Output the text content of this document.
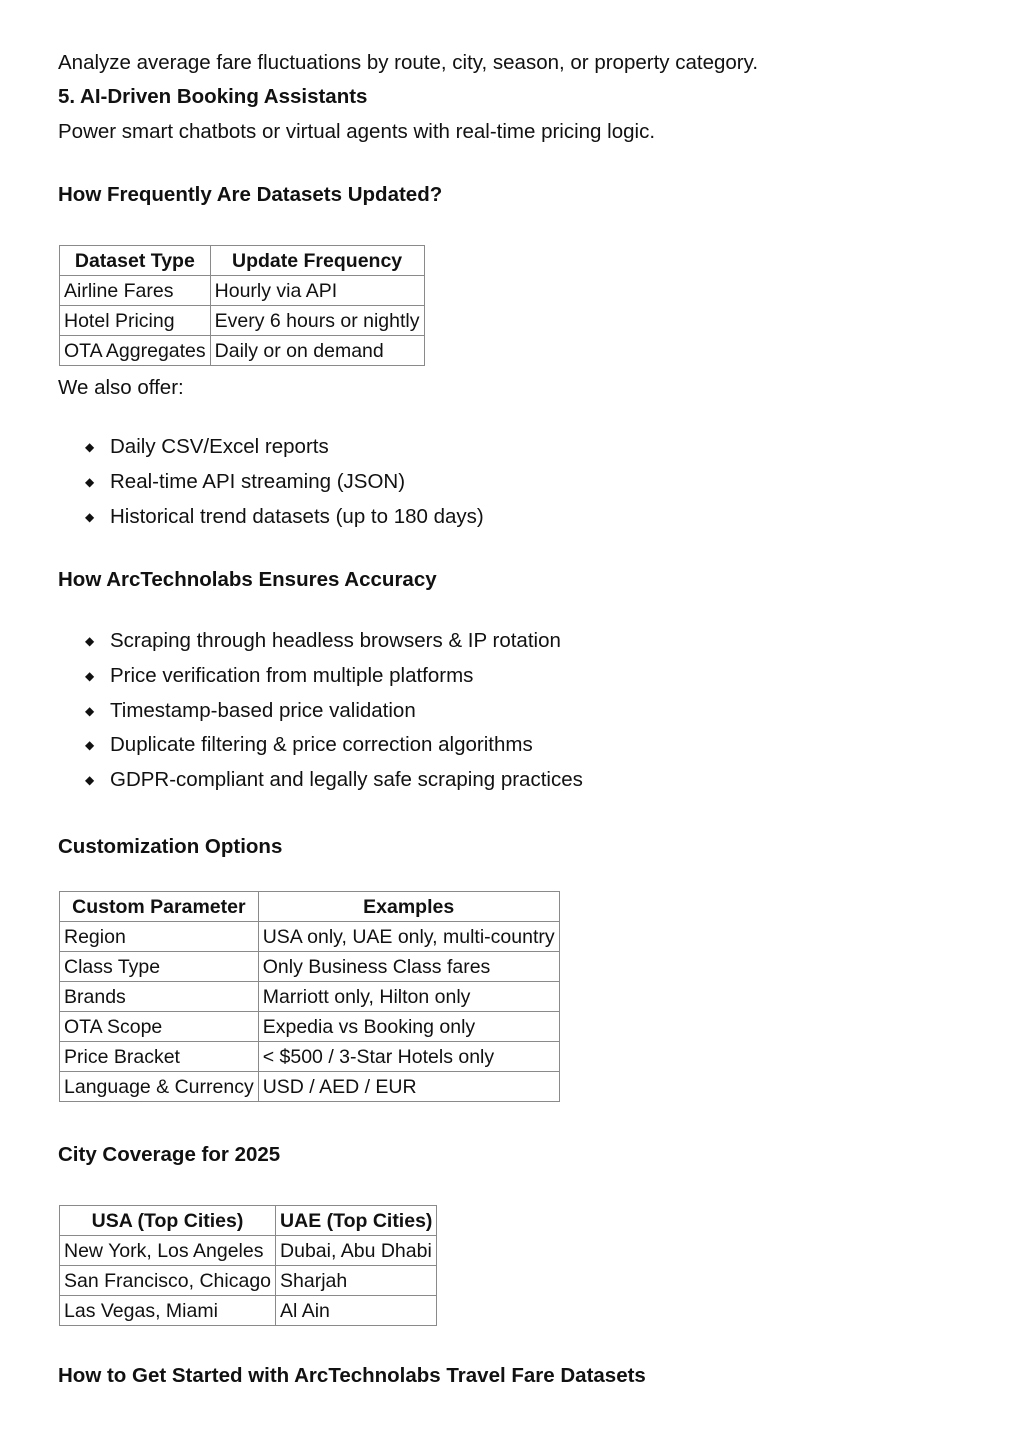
Analyze average fare fluctuations by route, city, season, or property category.

5. AI-Driven Booking Assistants

Power smart chatbots or virtual agents with real-time pricing logic.

How Frequently Are Datasets Updated?

Dataset Type	Update Frequency
Airline Fares	Hourly via API
Hotel Pricing	Every 6 hours or nightly
OTA Aggregates	Daily or on demand

We also offer:

◆ Daily CSV/Excel reports
◆ Real-time API streaming (JSON)
◆ Historical trend datasets (up to 180 days)

How ArcTechnolabs Ensures Accuracy

◆ Scraping through headless browsers & IP rotation
◆ Price verification from multiple platforms
◆ Timestamp-based price validation
◆ Duplicate filtering & price correction algorithms
◆ GDPR-compliant and legally safe scraping practices

Customization Options

Custom Parameter	Examples
Region	USA only, UAE only, multi-country
Class Type	Only Business Class fares
Brands	Marriott only, Hilton only
OTA Scope	Expedia vs Booking only
Price Bracket	< $500 / 3-Star Hotels only
Language & Currency	USD / AED / EUR

City Coverage for 2025

USA (Top Cities)	UAE (Top Cities)
New York, Los Angeles	Dubai, Abu Dhabi
San Francisco, Chicago	Sharjah
Las Vegas, Miami	Al Ain

How to Get Started with ArcTechnolabs Travel Fare Datasets
